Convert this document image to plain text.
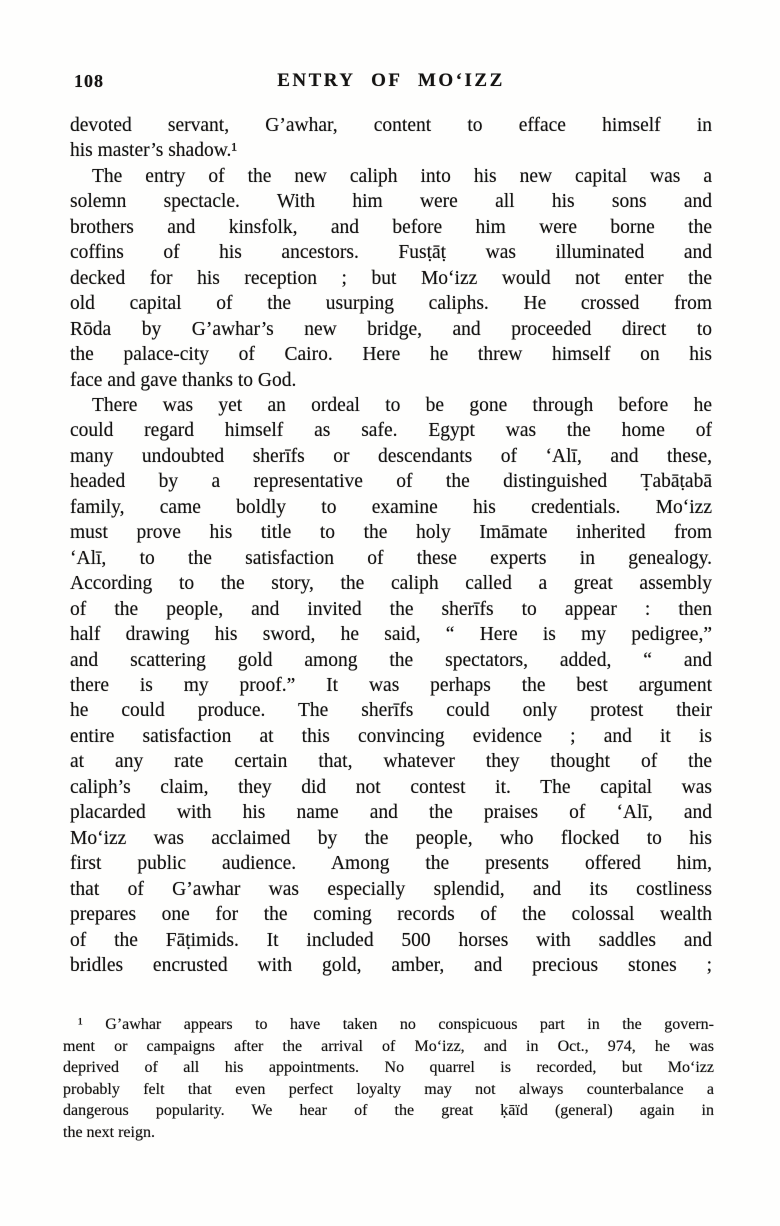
108	ENTRY OF MO‘IZZ
devoted servant, G’awhar, content to efface himself in
his master’s shadow.¹
The entry of the new caliph into his new capital was a
solemn spectacle. With him were all his sons and
brothers and kinsfolk, and before him were borne the
coffins of his ancestors. Fusṭāṭ was illuminated and
decked for his reception ; but Mo‘izz would not enter the
old capital of the usurping caliphs. He crossed from
Rōda by G’awhar’s new bridge, and proceeded direct to
the palace-city of Cairo. Here he threw himself on his
face and gave thanks to God.
There was yet an ordeal to be gone through before he
could regard himself as safe. Egypt was the home of
many undoubted sherīfs or descendants of ‘Alī, and these,
headed by a representative of the distinguished Ṭabāṭabā
family, came boldly to examine his credentials. Mo‘izz
must prove his title to the holy Imāmate inherited from
‘Alī, to the satisfaction of these experts in genealogy.
According to the story, the caliph called a great assembly
of the people, and invited the sherīfs to appear : then
half drawing his sword, he said, “ Here is my pedigree,”
and scattering gold among the spectators, added, “ and
there is my proof.” It was perhaps the best argument
he could produce. The sherīfs could only protest their
entire satisfaction at this convincing evidence ; and it is
at any rate certain that, whatever they thought of the
caliph’s claim, they did not contest it. The capital was
placarded with his name and the praises of ‘Alī, and
Mo‘izz was acclaimed by the people, who flocked to his
first public audience. Among the presents offered him,
that of G’awhar was especially splendid, and its costliness
prepares one for the coming records of the colossal wealth
of the Fāṭimids. It included 500 horses with saddles and
bridles encrusted with gold, amber, and precious stones ;
¹ G’awhar appears to have taken no conspicuous part in the govern-
ment or campaigns after the arrival of Mo‘izz, and in Oct., 974, he was
deprived of all his appointments. No quarrel is recorded, but Mo‘izz
probably felt that even perfect loyalty may not always counterbalance a
dangerous popularity. We hear of the great ḳāïd (general) again in
the next reign.
